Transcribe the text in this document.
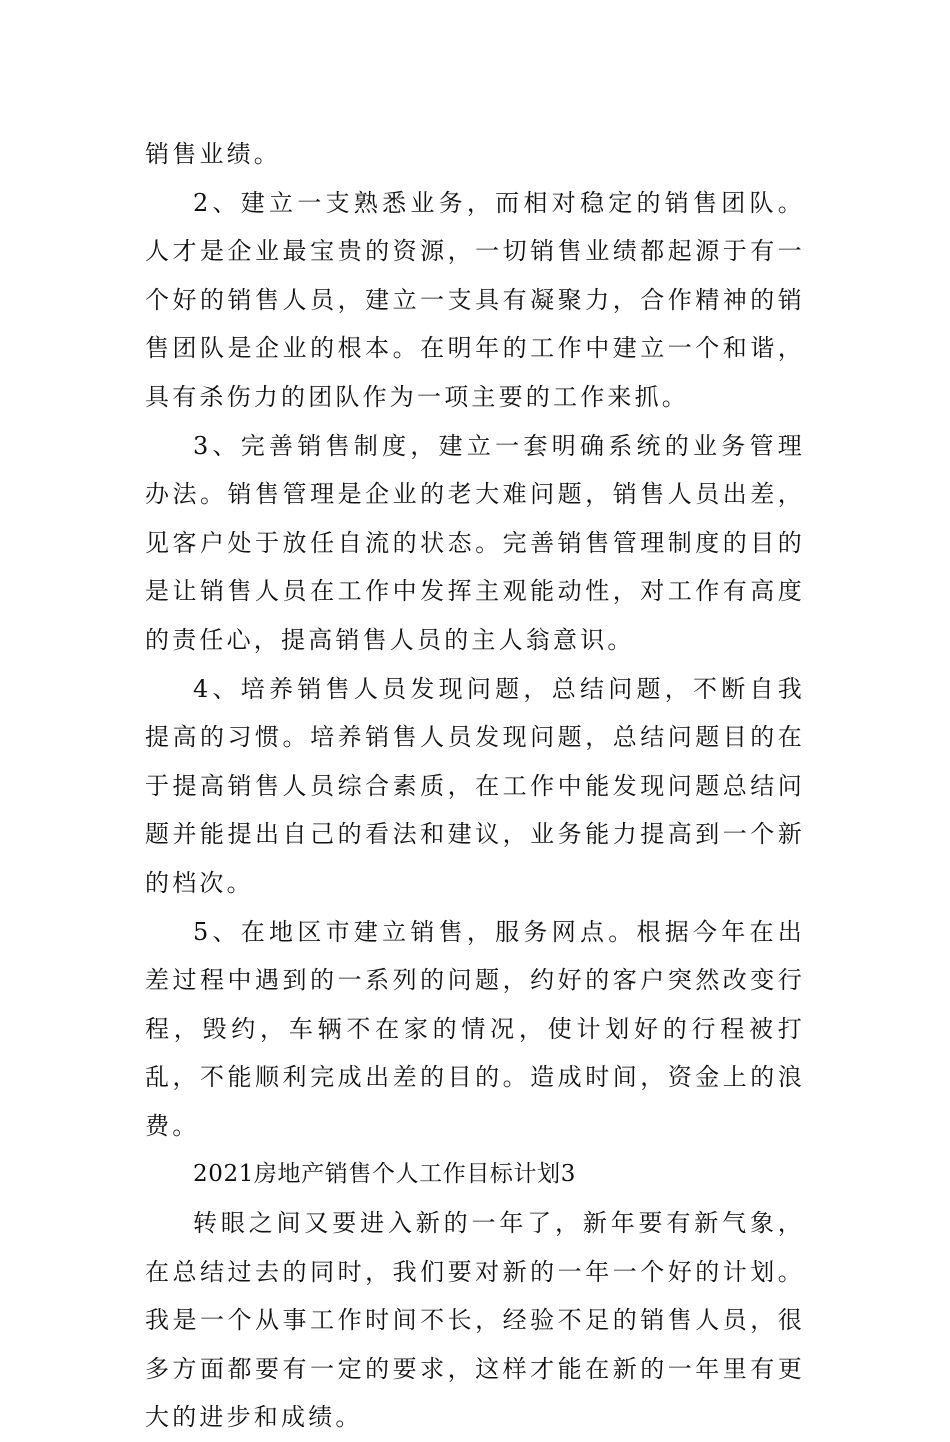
销售业绩。

2、建立一支熟悉业务，而相对稳定的销售团队。人才是企业最宝贵的资源，一切销售业绩都起源于有一个好的销售人员，建立一支具有凝聚力，合作精神的销售团队是企业的根本。在明年的工作中建立一个和谐，具有杀伤力的团队作为一项主要的工作来抓。

3、完善销售制度，建立一套明确系统的业务管理办法。销售管理是企业的老大难问题，销售人员出差，见客户处于放任自流的状态。完善销售管理制度的目的是让销售人员在工作中发挥主观能动性，对工作有高度的责任心，提高销售人员的主人翁意识。

4、培养销售人员发现问题，总结问题，不断自我提高的习惯。培养销售人员发现问题，总结问题目的在于提高销售人员综合素质，在工作中能发现问题总结问题并能提出自己的看法和建议，业务能力提高到一个新的档次。

5、在地区市建立销售，服务网点。根据今年在出差过程中遇到的一系列的问题，约好的客户突然改变行程，毁约，车辆不在家的情况，使计划好的行程被打乱，不能顺利完成出差的目的。造成时间，资金上的浪费。

2021房地产销售个人工作目标计划3

转眼之间又要进入新的一年了，新年要有新气象，在总结过去的同时，我们要对新的一年一个好的计划。我是一个从事工作时间不长，经验不足的销售人员，很多方面都要有一定的要求，这样才能在新的一年里有更大的进步和成绩。
